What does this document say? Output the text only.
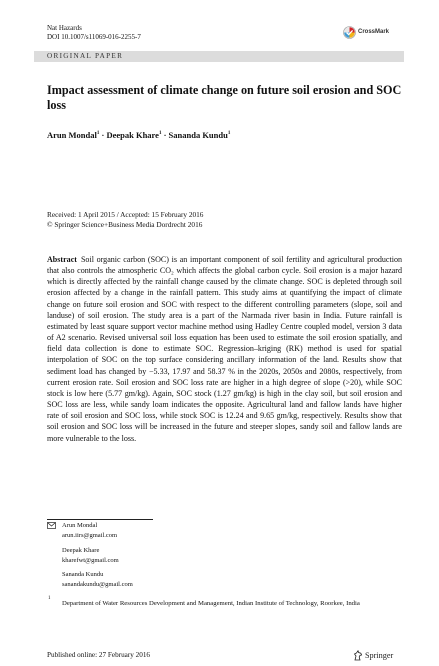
Nat Hazards
DOI 10.1007/s11069-016-2255-7
CrossMark
ORIGINAL PAPER
Impact assessment of climate change on future soil erosion and SOC loss
Arun Mondal$^1$ · Deepak Khare$^1$ · Sananda Kundu$^1$
Received: 1 April 2015 / Accepted: 15 February 2016
© Springer Science+Business Media Dordrecht 2016
Abstract Soil organic carbon (SOC) is an important component of soil fertility and agricultural production that also controls the atmospheric CO₂ which affects the global carbon cycle. Soil erosion is a major hazard which is directly affected by the rainfall change caused by the climate change. SOC is depleted through soil erosion affected by a change in the rainfall pattern. This study aims at quantifying the impact of climate change on future soil erosion and SOC with respect to the different controlling parameters (slope, soil and landuse) of soil erosion. The study area is a part of the Narmada river basin in India. Future rainfall is estimated by least square support vector machine method using Hadley Centre coupled model, version 3 data of A2 scenario. Revised universal soil loss equation has been used to estimate the soil erosion spatially, and field data collection is done to estimate SOC. Regression–kriging (RK) method is used for spatial interpolation of SOC on the top surface considering ancillary information of the land. Results show that sediment load has changed by −5.33, 17.97 and 58.37 % in the 2020s, 2050s and 2080s, respectively, from current erosion rate. Soil erosion and SOC loss rate are higher in a high degree of slope (>20), while SOC stock is low here (5.77 gm/kg). Again, SOC stock (1.27 gm/kg) is high in the clay soil, but soil erosion and SOC loss are less, while sandy loam indicates the opposite. Agricultural land and fallow lands have higher rate of soil erosion and SOC loss, while stock SOC is 12.24 and 9.65 gm/kg, respectively. Results show that soil erosion and SOC loss will be increased in the future and steeper slopes, sandy soil and fallow lands are more vulnerable to the loss.
Arun Mondal
arun.iirs@gmail.com
Deepak Khare
kharefwt@gmail.com
Sananda Kundu
sanandakundu@gmail.com
1
Department of Water Resources Development and Management, Indian Institute of Technology, Roorkee, India
Published online: 27 February 2016	Springer
